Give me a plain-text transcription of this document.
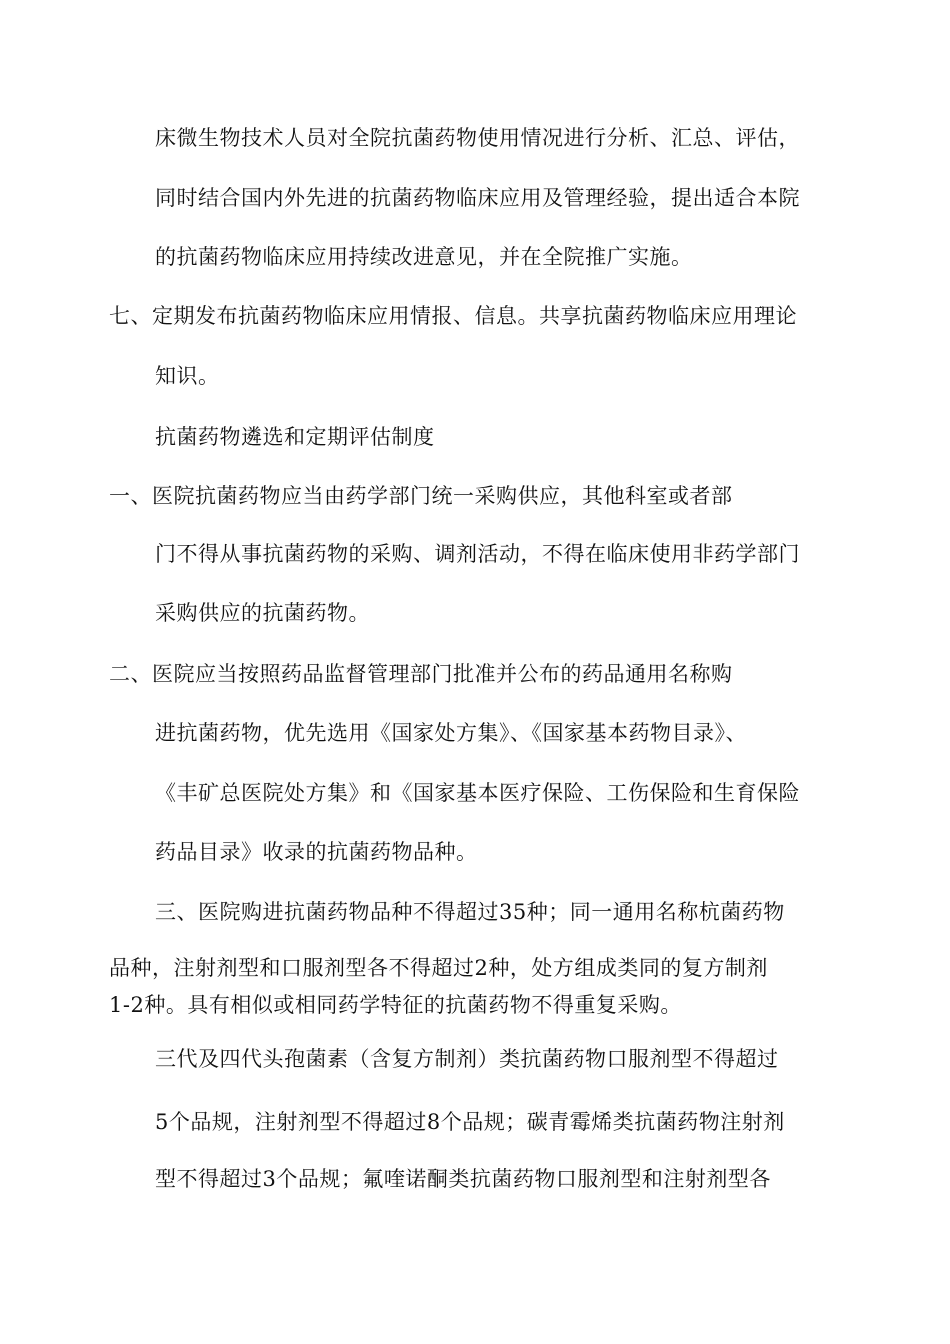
床微生物技术人员对全院抗菌药物使用情况进行分析、汇总、评估，
同时结合国内外先进的抗菌药物临床应用及管理经验，提出适合本院
的抗菌药物临床应用持续改进意见，并在全院推广实施。
七、定期发布抗菌药物临床应用情报、信息。共享抗菌药物临床应用理论
知识。
抗菌药物遴选和定期评估制度
一、医院抗菌药物应当由药学部门统一采购供应，其他科室或者部
门不得从事抗菌药物的采购、调剂活动，不得在临床使用非药学部门
采购供应的抗菌药物。
二、医院应当按照药品监督管理部门批准并公布的药品通用名称购
进抗菌药物，优先选用《国家处方集》、《国家基本药物目录》、
《丰矿总医院处方集》和《国家基本医疗保险、工伤保险和生育保险
药品目录》收录的抗菌药物品种。
三、医院购进抗菌药物品种不得超过35种；同一通用名称杭菌药物
品种，注射剂型和口服剂型各不得超过2种，处方组成类同的复方制剂
1-2种。具有相似或相同药学特征的抗菌药物不得重复采购。
三代及四代头孢菌素（含复方制剂）类抗菌药物口服剂型不得超过
5个品规，注射剂型不得超过8个品规；碳青霉烯类抗菌药物注射剂
型不得超过3个品规；氟喹诺酮类抗菌药物口服剂型和注射剂型各
